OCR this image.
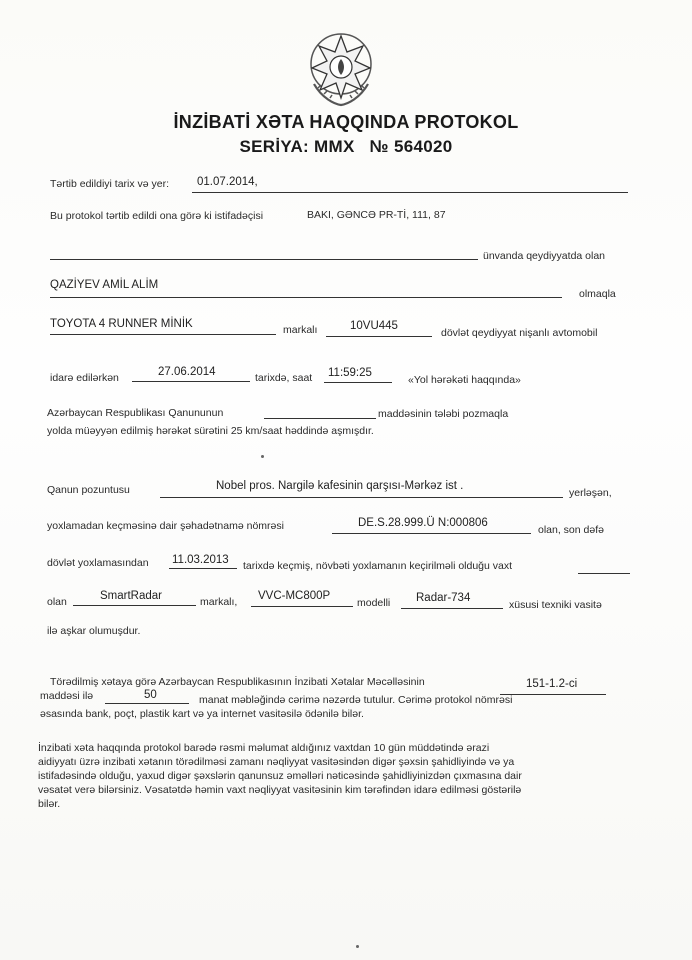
İNZİBATİ XƏTA HAQQINDA PROTOKOL
SERİYA: MMX № 564020
Tərtib edildiyi tarix və yer: 01.07.2014,
Bu protokol tərtib edildi ona görə ki istifadəçisi	BAKI, GƏNCƏ PR-Tİ, 111, 87
ünvanda qeydiyyatda olan
QAZİYEV AMİL ALİM
olmaqla
TOYOTA 4 RUNNER MİNİK	markalı	10VU445
dövlət qeydiyyat nişanlı avtomobil
idarə edilərkən	27.06.2014	tarixdə, saat 11:59:25
«Yol hərəkəti haqqında»
Azərbaycan Respublikası Qanununun	maddəsinin tələbi pozmaqla
yolda müəyyən edilmiş hərəkət sürətini 25 km/saat həddində aşmışdır.
Qanun pozuntusu	Nobel pros. Nargilə kafesinin qarşısı-Mərkəz ist .
yerləşən,
yoxlamadan keçməsinə dair şəhadətnamə nömrəsi	DE.S.28.999.Ü N:000806
olan, son dəfə
dövlət yoxlamasından 11.03.2013 tarixdə keçmiş, növbəti yoxlamanın keçirilməli olduğu vaxt
olan	SmartRadar	markalı, VVC-MC800P
modelli Radar-734
xüsusi texniki vasitə
ilə aşkar olumuşdur.
Törədilmiş xətaya görə Azərbaycan Respublikasının İnzibati Xətalar Məcəlləsinin	151-1.2-ci
maddəsi ilə	50	manat məbləğində cərimə nəzərdə tutulur. Cərimə protokol nömrəsi
əsasında bank, poçt, plastik kart və ya internet vasitəsilə ödənilə bilər.
İnzibati xəta haqqında protokol barədə rəsmi məlumat aldığınız vaxtdan 10 gün müddətində ərazi
aidiyyatı üzrə inzibati xətanın törədilməsi zamanı nəqliyyat vasitəsindən digər şəxsin şahidliyində və ya
istifadəsində olduğu, yaxud digər şəxslərin qanunsuz əməlləri nəticəsində şahidliyinizdən çıxmasına dair
vəsatət verə bilərsiniz. Vəsatətdə həmin vaxt nəqliyyat vasitəsinin kim tərəfindən idarə edilməsi göstərilə
bilər.
